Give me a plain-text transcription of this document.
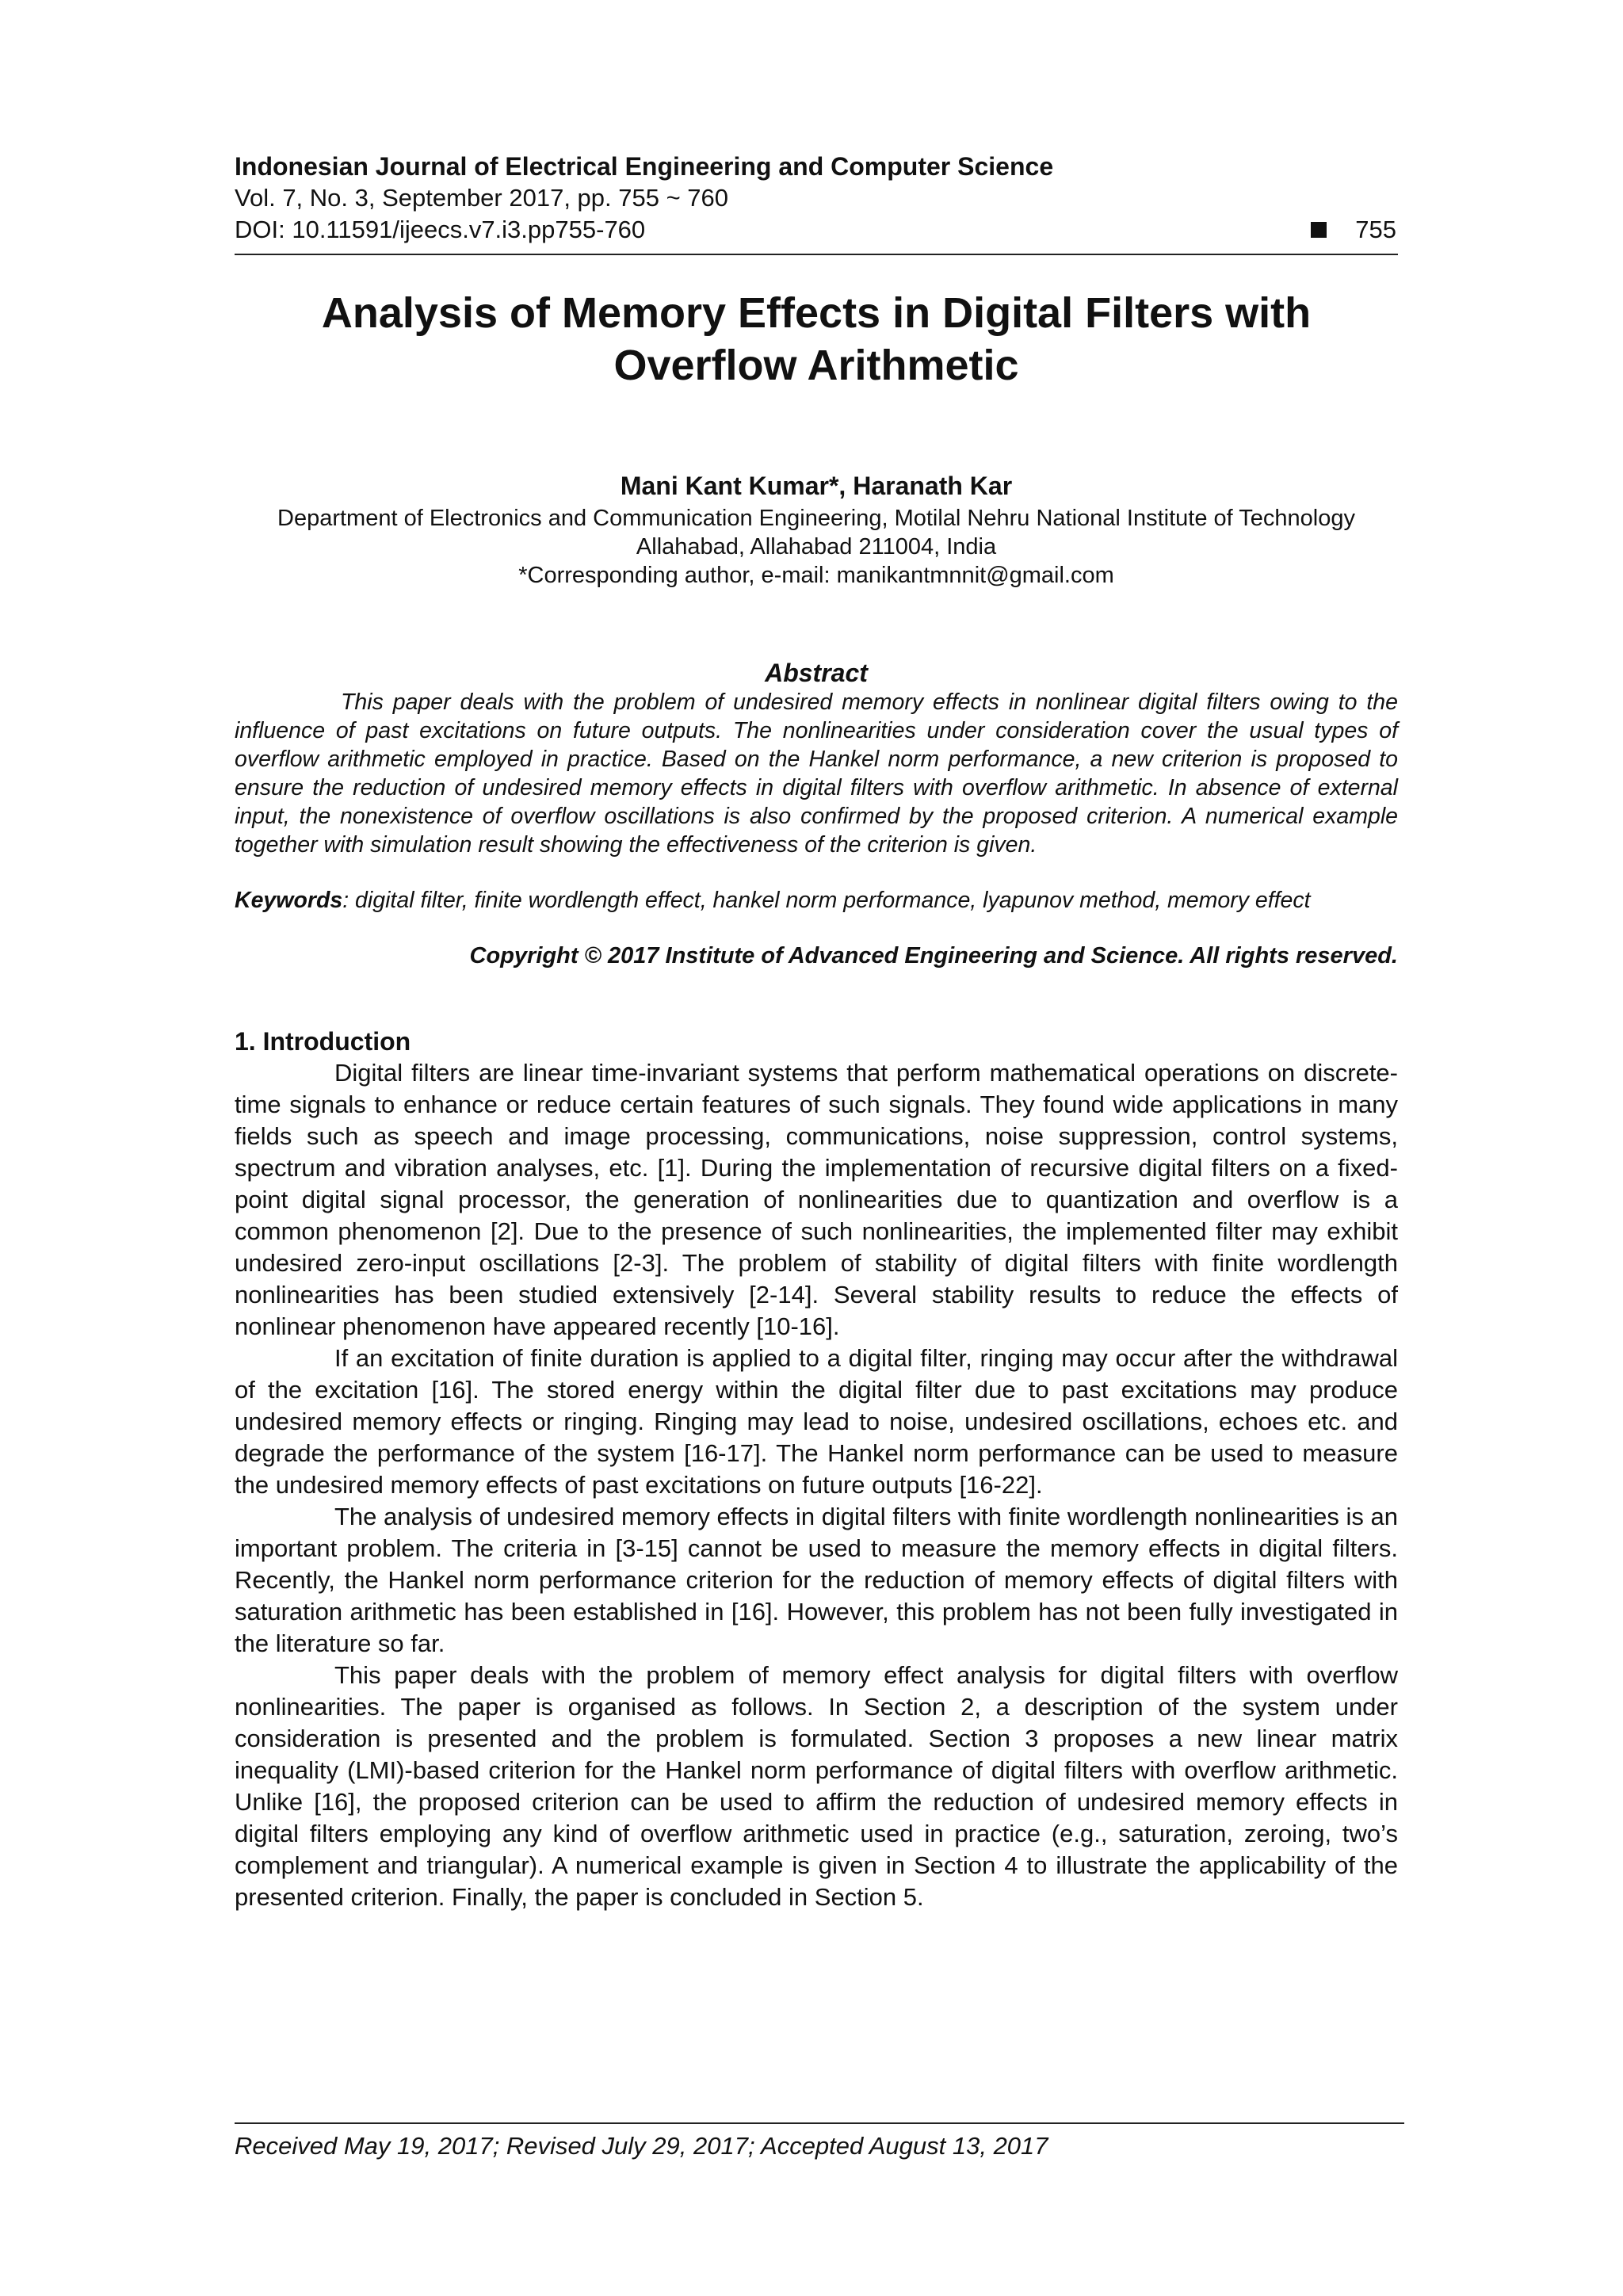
Indonesian Journal of Electrical Engineering and Computer Science

Vol. 7, No. 3, September 2017, pp. 755 ~ 760

DOI: 10.11591/ijeecs.v7.i3.pp755-760	755
Analysis of Memory Effects in Digital Filters with
Overflow Arithmetic

Mani Kant Kumar*, Haranath Kar

Department of Electronics and Communication Engineering, Motilal Nehru National Institute of Technology
Allahabad, Allahabad 211004, India
*Corresponding author, e-mail: manikantmnnit@gmail.com

Abstract

This paper deals with the problem of undesired memory effects in nonlinear digital filters owing to the influence of past excitations on future outputs. The nonlinearities under consideration cover the usual types of overflow arithmetic employed in practice. Based on the Hankel norm performance, a new criterion is proposed to ensure the reduction of undesired memory effects in digital filters with overflow arithmetic. In absence of external input, the nonexistence of overflow oscillations is also confirmed by the proposed criterion. A numerical example together with simulation result showing the effectiveness of the criterion is given.

Keywords: digital filter, finite wordlength effect, hankel norm performance, lyapunov method, memory effect

Copyright © 2017 Institute of Advanced Engineering and Science. All rights reserved.

1. Introduction

Digital filters are linear time-invariant systems that perform mathematical operations on discrete-time signals to enhance or reduce certain features of such signals. They found wide applications in many fields such as speech and image processing, communications, noise suppression, control systems, spectrum and vibration analyses, etc. [1]. During the implementation of recursive digital filters on a fixed-point digital signal processor, the generation of nonlinearities due to quantization and overflow is a common phenomenon [2]. Due to the presence of such nonlinearities, the implemented filter may exhibit undesired zero-input oscillations [2-3]. The problem of stability of digital filters with finite wordlength nonlinearities has been studied extensively [2-14]. Several stability results to reduce the effects of nonlinear phenomenon have appeared recently [10-16].

If an excitation of finite duration is applied to a digital filter, ringing may occur after the withdrawal of the excitation [16]. The stored energy within the digital filter due to past excitations may produce undesired memory effects or ringing. Ringing may lead to noise, undesired oscillations, echoes etc. and degrade the performance of the system [16-17]. The Hankel norm performance can be used to measure the undesired memory effects of past excitations on future outputs [16-22].

The analysis of undesired memory effects in digital filters with finite wordlength nonlinearities is an important problem. The criteria in [3-15] cannot be used to measure the memory effects in digital filters. Recently, the Hankel norm performance criterion for the reduction of memory effects of digital filters with saturation arithmetic has been established in [16]. However, this problem has not been fully investigated in the literature so far.

This paper deals with the problem of memory effect analysis for digital filters with overflow nonlinearities. The paper is organised as follows. In Section 2, a description of the system under consideration is presented and the problem is formulated. Section 3 proposes a new linear matrix inequality (LMI)-based criterion for the Hankel norm performance of digital filters with overflow arithmetic. Unlike [16], the proposed criterion can be used to affirm the reduction of undesired memory effects in digital filters employing any kind of overflow arithmetic used in practice (e.g., saturation, zeroing, two’s complement and triangular). A numerical example is given in Section 4 to illustrate the applicability of the presented criterion. Finally, the paper is concluded in Section 5.

Received May 19, 2017; Revised July 29, 2017; Accepted August 13, 2017
